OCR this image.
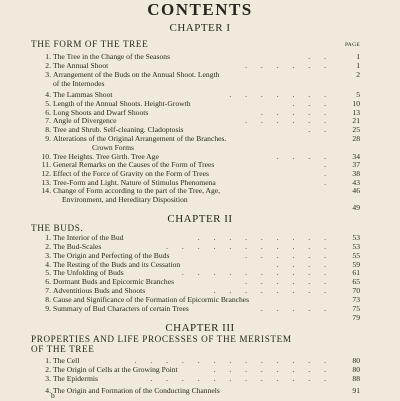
CONTENTS
CHAPTER I
THE FORM OF THE TREE	PAGE
1. The Tree in the Change of the Seasons	. .	1
2. The Annual Shoot	. . . . . .	1
3. Arrangement of the Buds on the Annual Shoot. Length	2
of the Internodes
4. The Lammas Shoot	. . . . . . .	5
5. Length of the Annual Shoots. Height-Growth	. . .	10
6. Long Shoots and Dwarf Shoots	. . . . .	13
7. Angle of Divergence	. . . . . .	21
8. Tree and Shrub. Self-cleaning. Cladoptosis	. .	25
9. Alterations of the Original Arrangement of the Branches.	28
Crown Forms
10. Tree Heights. Tree Girth. Tree Age	. . . .	34
11. General Remarks on the Causes of the Form of Trees	.	37
12. Effect of the Force of Gravity on the Form of Trees	.	38
13. Tree-Form and Light. Nature of Stimulus Phenomena	.	43
14. Change of Form according to the part of the Tree, Age,	46
Environment, and Hereditary Disposition
49
CHAPTER II
THE BUDS.
1. The Interior of the Bud	. . . . . . . . .	53
2. The Bud-Scales	. . . . . . . . . . .	53
3. The Origin and Perfecting of the Buds	. . . . . .	55
4. The Resting of the Buds and its Cessation	. . . .	59
5. The Unfolding of Buds	. . . . . . . . . .	61
6. Dormant Buds and Epicormic Branches	. . . . . .	65
7. Adventitious Buds and Shoots	. . . . . . . .	70
8. Cause and Significance of the Formation of Epicormic Branches	73
9. Summary of Bud Characters of certain Trees	. . . . .	75
79
CHAPTER III
PROPERTIES AND LIFE PROCESSES OF THE MERISTEM
OF THE TREE
1. The Cell	. . . . . . . . . . . . .	80
2. The Origin of Cells at the Growing Point	. . . . . . . .	80
3. The Epidermis	. . . . . . . . . . . .	88
4. The Origin and Formation of the Conducting Channels	91
b
